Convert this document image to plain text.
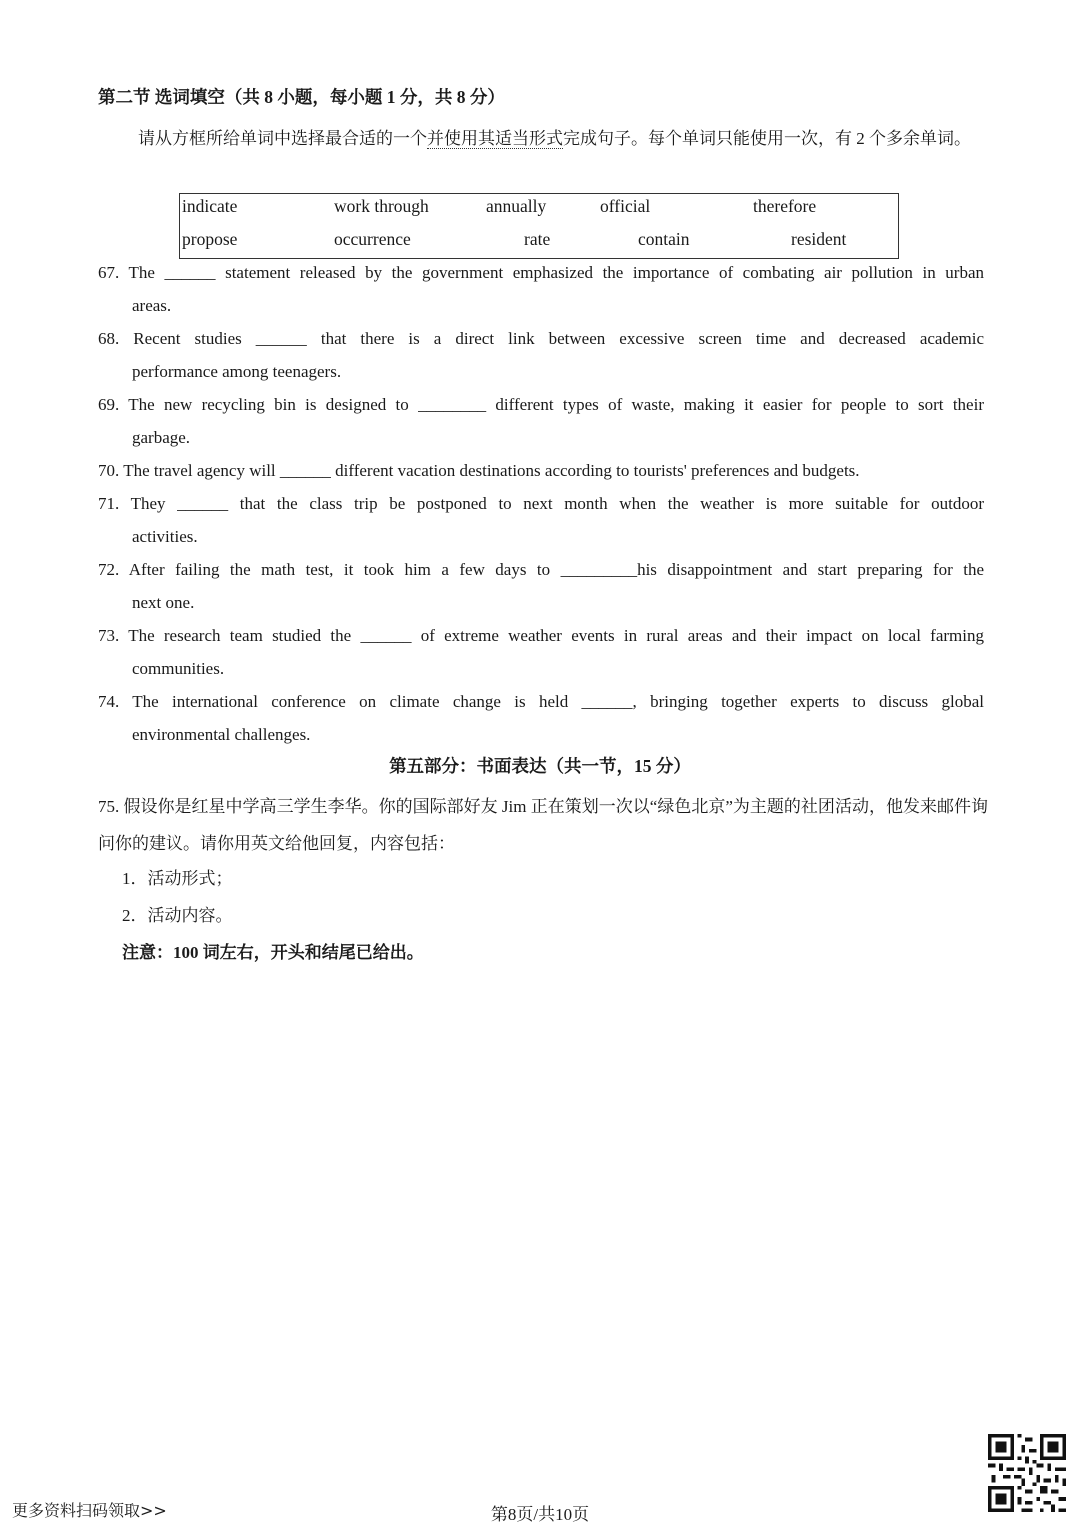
第二节 选词填空（共 8 小题，每小题 1 分，共 8 分）
请从方框所给单词中选择最合适的一个并使用其适当形式完成句子。每个单词只能使用一次，有 2 个多余单词。
indicate	work through	annually	official	therefore
propose	occurrence	rate	contain	resident
67. The ______ statement released by the government emphasized the importance of combating air pollution in urban
areas.
68. Recent studies ______ that there is a direct link between excessive screen time and decreased academic
performance among teenagers.
69. The new recycling bin is designed to ________ different types of waste, making it easier for people to sort their
garbage.
70. The travel agency will ______ different vacation destinations according to tourists' preferences and budgets.
71. They ______ that the class trip be postponed to next month when the weather is more suitable for outdoor
activities.
72. After failing the math test, it took him a few days to _________his disappointment and start preparing for the
next one.
73. The research team studied the ______ of extreme weather events in rural areas and their impact on local farming
communities.
74. The international conference on climate change is held ______, bringing together experts to discuss global
environmental challenges.
第五部分：书面表达（共一节，15 分）
75. 假设你是红星中学高三学生李华。你的国际部好友 Jim 正在策划一次以“绿色北京”为主题的社团活动，他发来邮件询问你的建议。请你用英文给他回复，内容包括：
1．活动形式；
2．活动内容。
注意：100 词左右，开头和结尾已给出。
更多资料扫码领取>>	第8页/共10页
